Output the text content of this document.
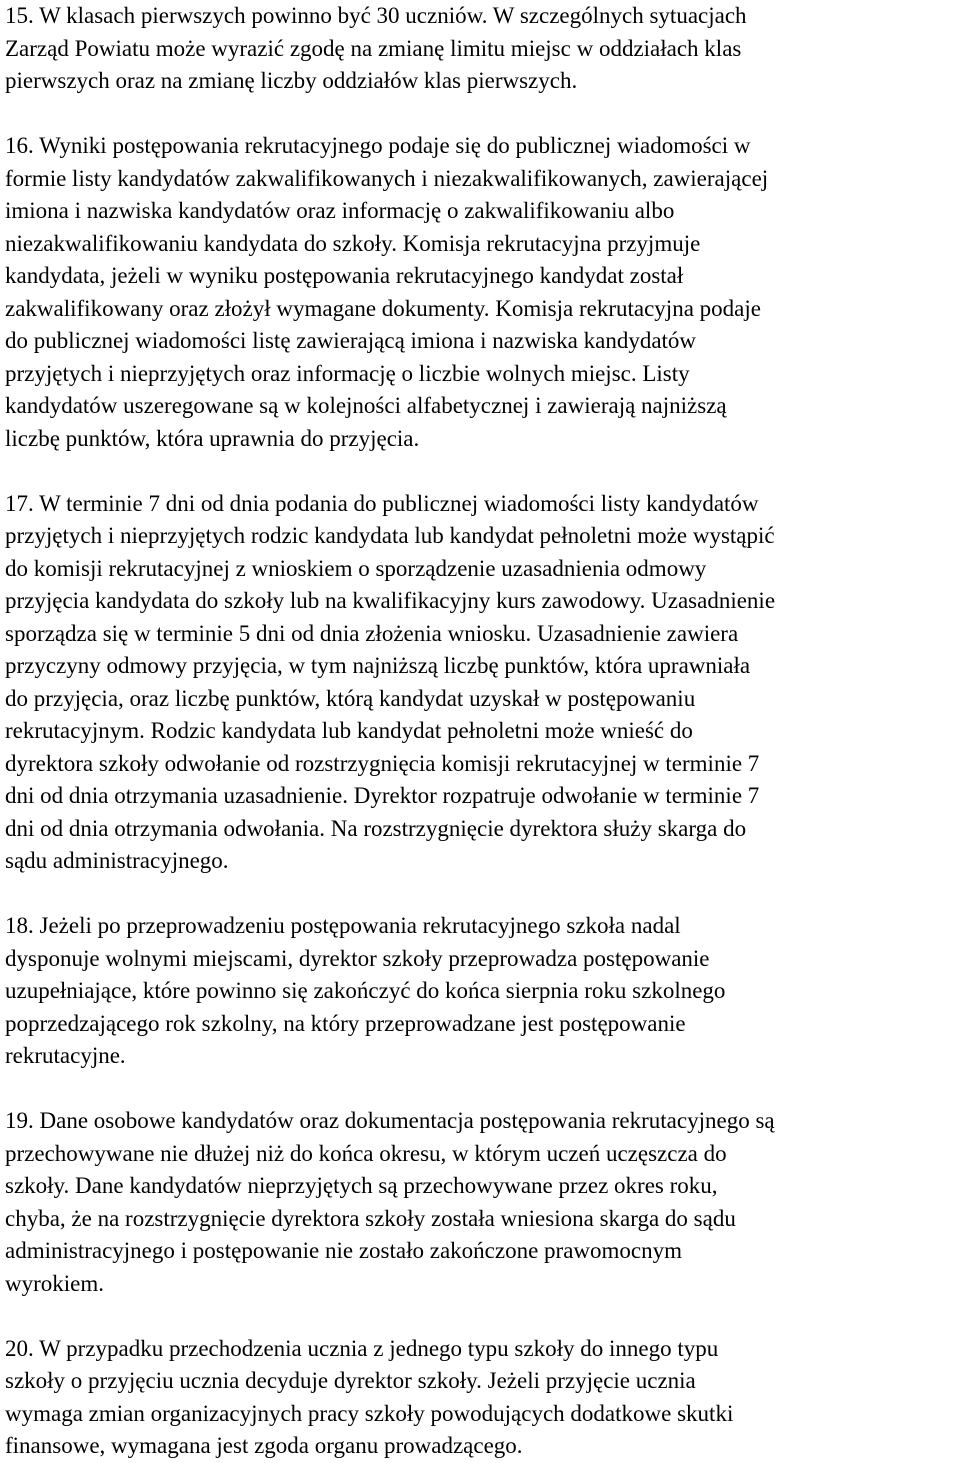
15. W klasach pierwszych powinno być 30 uczniów. W szczególnych sytuacjach
Zarząd Powiatu może wyrazić zgodę na zmianę limitu miejsc w oddziałach klas
pierwszych oraz na zmianę liczby oddziałów klas pierwszych.
16. Wyniki postępowania rekrutacyjnego podaje się do publicznej wiadomości w
formie listy kandydatów zakwalifikowanych i niezakwalifikowanych, zawierającej
imiona i nazwiska kandydatów oraz informację o zakwalifikowaniu albo
niezakwalifikowaniu kandydata do szkoły. Komisja rekrutacyjna przyjmuje
kandydata, jeżeli w wyniku postępowania rekrutacyjnego kandydat został
zakwalifikowany oraz złożył wymagane dokumenty. Komisja rekrutacyjna podaje
do publicznej wiadomości listę zawierającą imiona i nazwiska kandydatów
przyjętych i nieprzyjętych oraz informację o liczbie wolnych miejsc. Listy
kandydatów uszeregowane są w kolejności alfabetycznej i zawierają najniższą
liczbę punktów, która uprawnia do przyjęcia.
17. W terminie 7 dni od dnia podania do publicznej wiadomości listy kandydatów
przyjętych i nieprzyjętych rodzic kandydata lub kandydat pełnoletni może wystąpić
do komisji rekrutacyjnej z wnioskiem o sporządzenie uzasadnienia odmowy
przyjęcia kandydata do szkoły lub na kwalifikacyjny kurs zawodowy. Uzasadnienie
sporządza się w terminie 5 dni od dnia złożenia wniosku. Uzasadnienie zawiera
przyczyny odmowy przyjęcia, w tym najniższą liczbę punktów, która uprawniała
do przyjęcia, oraz liczbę punktów, którą kandydat uzyskał w postępowaniu
rekrutacyjnym. Rodzic kandydata lub kandydat pełnoletni może wnieść do
dyrektora szkoły odwołanie od rozstrzygnięcia komisji rekrutacyjnej w terminie 7
dni od dnia otrzymania uzasadnienie. Dyrektor rozpatruje odwołanie w terminie 7
dni od dnia otrzymania odwołania. Na rozstrzygnięcie dyrektora służy skarga do
sądu administracyjnego.
18. Jeżeli po przeprowadzeniu postępowania rekrutacyjnego szkoła nadal
dysponuje wolnymi miejscami, dyrektor szkoły przeprowadza postępowanie
uzupełniające, które powinno się zakończyć do końca sierpnia roku szkolnego
poprzedzającego rok szkolny, na który przeprowadzane jest postępowanie
rekrutacyjne.
19. Dane osobowe kandydatów oraz dokumentacja postępowania rekrutacyjnego są
przechowywane nie dłużej niż do końca okresu, w którym uczeń uczęszcza do
szkoły. Dane kandydatów nieprzyjętych są przechowywane przez okres roku,
chyba, że na rozstrzygnięcie dyrektora szkoły została wniesiona skarga do sądu
administracyjnego i postępowanie nie zostało zakończone prawomocnym
wyrokiem.
20. W przypadku przechodzenia ucznia z jednego typu szkoły do innego typu
szkoły o przyjęciu ucznia decyduje dyrektor szkoły. Jeżeli przyjęcie ucznia
wymaga zmian organizacyjnych pracy szkoły powodujących dodatkowe skutki
finansowe, wymagana jest zgoda organu prowadzącego.
